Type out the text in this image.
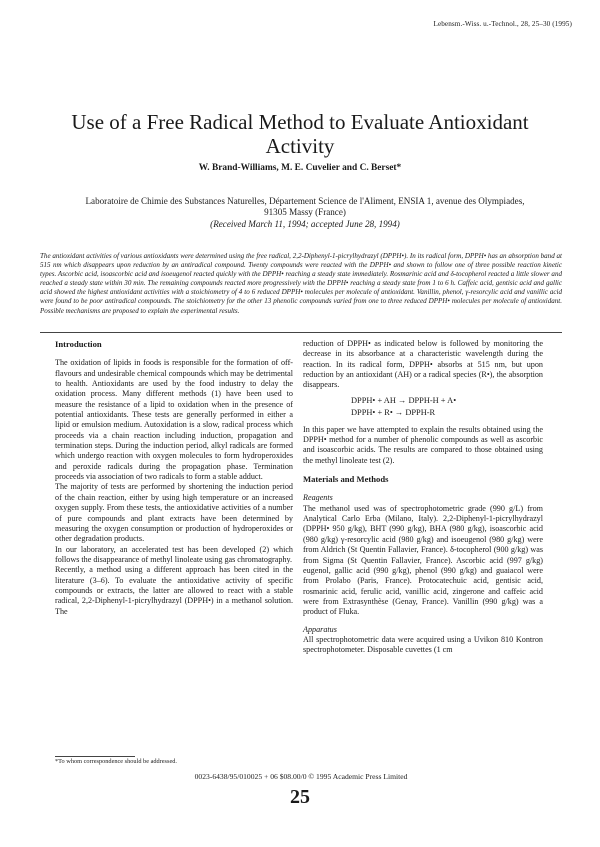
Lebensm.-Wiss. u.-Technol., 28, 25–30 (1995)
Use of a Free Radical Method to Evaluate Antioxidant Activity
W. Brand-Williams, M. E. Cuvelier and C. Berset*
Laboratoire de Chimie des Substances Naturelles, Département Science de l'Aliment, ENSIA 1, avenue des Olympiades,
91305 Massy (France)
(Received March 11, 1994; accepted June 28, 1994)
The antioxidant activities of various antioxidants were determined using the free radical, 2,2-Diphenyl-1-picrylhydrazyl (DPPH•). In its radical form, DPPH• has an absorption band at 515 nm which disappears upon reduction by an antiradical compound. Twenty compounds were reacted with the DPPH• and shown to follow one of three possible reaction kinetic types. Ascorbic acid, isoascorbic acid and isoeugenol reacted quickly with the DPPH• reaching a steady state immediately. Rosmarinic acid and δ-tocopherol reacted a little slower and reached a steady state within 30 min. The remaining compounds reacted more progressively with the DPPH• reaching a steady state from 1 to 6 h. Caffeic acid, gentisic acid and gallic acid showed the highest antioxidant activities with a stoichiometry of 4 to 6 reduced DPPH• molecules per molecule of antioxidant. Vanillin, phenol, γ-resorcylic acid and vanillic acid were found to be poor antiradical compounds. The stoichiometry for the other 13 phenolic compounds varied from one to three reduced DPPH• molecules per molecule of antioxidant. Possible mechanisms are proposed to explain the experimental results.
Introduction

The oxidation of lipids in foods is responsible for the formation of off-flavours and undesirable chemical compounds which may be detrimental to health. Antioxidants are used by the food industry to delay the oxidation process. Many different methods (1) have been used to measure the resistance of a lipid to oxidation when in the presence of potential antioxidants. These tests are generally performed in either a lipid or emulsion medium. Autoxidation is a slow, radical process which proceeds via a chain reaction including induction, propagation and termination steps. During the induction period, alkyl radicals are formed which undergo reaction with oxygen molecules to form hydroperoxides and peroxide radicals during the propagation phase. Termination proceeds via association of two radicals to form a stable adduct.

The majority of tests are performed by shortening the induction period of the chain reaction, either by using high temperature or an increased oxygen supply. From these tests, the antioxidative activities of a number of pure compounds and plant extracts have been determined by measuring the oxygen consumption or production of hydroperoxides or other degradation products.

In our laboratory, an accelerated test has been developed (2) which follows the disappearance of methyl linoleate using gas chromatography.

Recently, a method using a different approach has been cited in the literature (3–6). To evaluate the antioxidative activity of specific compounds or extracts, the latter are allowed to react with a stable radical, 2,2-Diphenyl-1-picrylhydrazyl (DPPH•) in a methanol solution. The

reduction of DPPH• as indicated below is followed by monitoring the decrease in its absorbance at a characteristic wavelength during the reaction. In its radical form, DPPH• absorbs at 515 nm, but upon reduction by an antioxidant (AH) or a radical species (R•), the absorption disappears.

DPPH• + AH → DPPH-H + A•
DPPH• + R• → DPPH-R

In this paper we have attempted to explain the results obtained using the DPPH• method for a number of phenolic compounds as well as ascorbic and isoascorbic acids. The results are compared to those obtained using the methyl linoleate test (2).

Materials and Methods
Reagents

The methanol used was of spectrophotometric grade (990 g/L) from Analytical Carlo Erba (Milano, Italy). 2,2-Diphenyl-1-picrylhydrazyl (DPPH• 950 g/kg), BHT (990 g/kg), BHA (980 g/kg), isoascorbic acid (980 g/kg) γ-resorcylic acid (980 g/kg) and isoeugenol (980 g/kg) were from Aldrich (St Quentin Fallavier, France). δ-tocopherol (900 g/kg) was from Sigma (St Quentin Fallavier, France). Ascorbic acid (997 g/kg) eugenol, gallic acid (990 g/kg), phenol (990 g/kg) and guaiacol were from Prolabo (Paris, France). Protocatechuic acid, gentisic acid, rosmarinic acid, ferulic acid, vanillic acid, zingerone and caffeic acid were from Extrasynthèse (Genay, France). Vanillin (990 g/kg) was a product of Fluka.

Apparatus

All spectrophotometric data were acquired using a Uvikon 810 Kontron spectrophotometer. Disposable cuvettes (1 cm

*To whom correspondence should be addressed.
0023-6438/95/010025 + 06 $08.00/0 © 1995 Academic Press Limited
25
